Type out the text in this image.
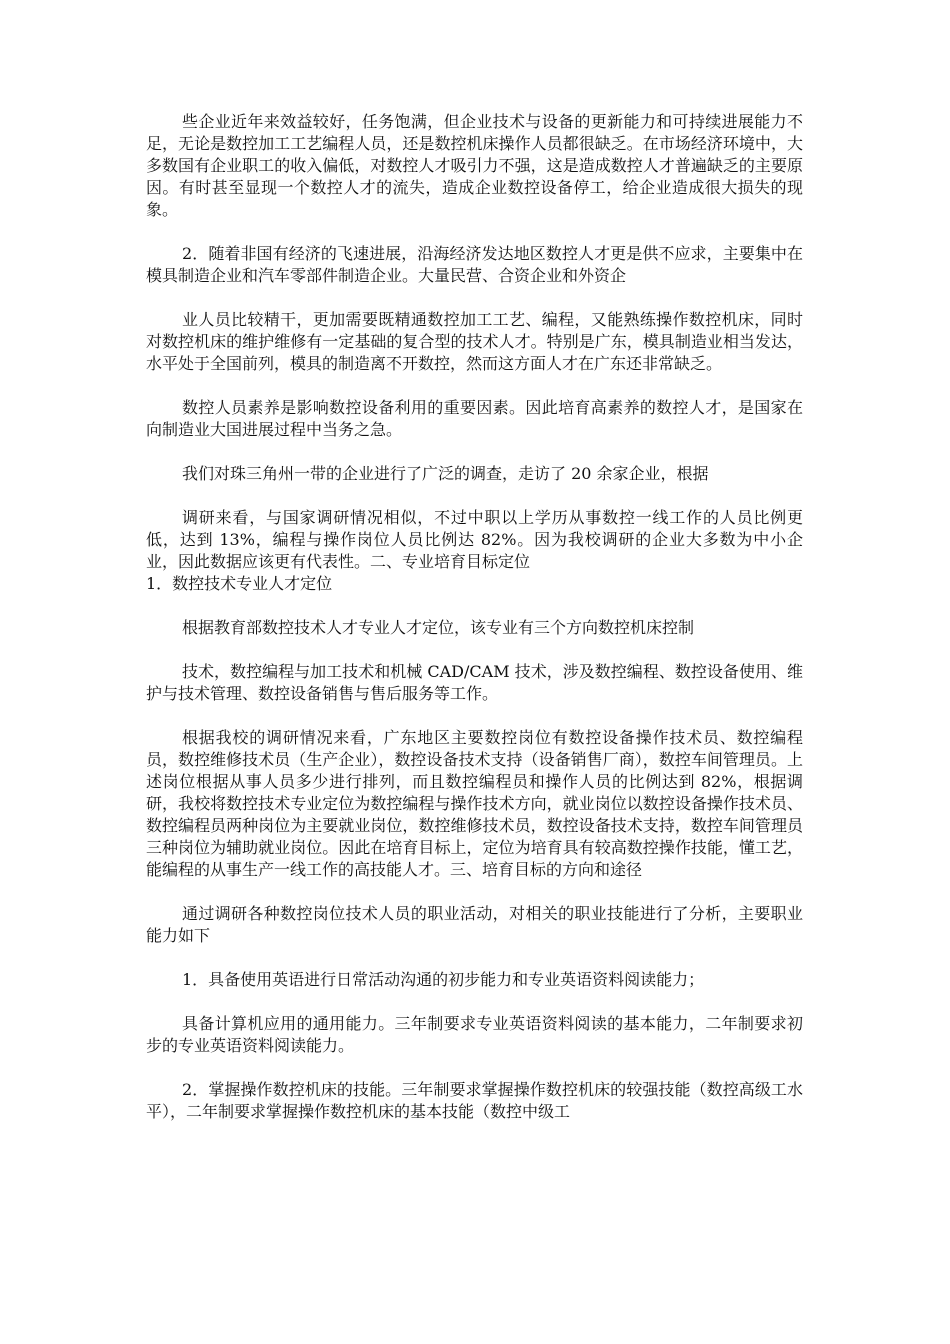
些企业近年来效益较好，任务饱满，但企业技术与设备的更新能力和可持续进展能力不足，无论是数控加工工艺编程人员，还是数控机床操作人员都很缺乏。在市场经济环境中，大多数国有企业职工的收入偏低，对数控人才吸引力不强，这是造成数控人才普遍缺乏的主要原因。有时甚至显现一个数控人才的流失，造成企业数控设备停工，给企业造成很大损失的现象。

2．随着非国有经济的飞速进展，沿海经济发达地区数控人才更是供不应求，主要集中在模具制造企业和汽车零部件制造企业。大量民营、合资企业和外资企

业人员比较精干，更加需要既精通数控加工工艺、编程，又能熟练操作数控机床，同时对数控机床的维护维修有一定基础的复合型的技术人才。特别是广东，模具制造业相当发达，水平处于全国前列，模具的制造离不开数控，然而这方面人才在广东还非常缺乏。

数控人员素养是影响数控设备利用的重要因素。因此培育高素养的数控人才，是国家在向制造业大国进展过程中当务之急。

我们对珠三角州一带的企业进行了广泛的调查，走访了 20 余家企业，根据

调研来看，与国家调研情况相似，不过中职以上学历从事数控一线工作的人员比例更低，达到 13%，编程与操作岗位人员比例达 82%。因为我校调研的企业大多数为中小企业，因此数据应该更有代表性。二、专业培育目标定位

1．数控技术专业人才定位

根据教育部数控技术人才专业人才定位，该专业有三个方向数控机床控制

技术，数控编程与加工技术和机械 CAD/CAM 技术，涉及数控编程、数控设备使用、维护与技术管理、数控设备销售与售后服务等工作。

根据我校的调研情况来看，广东地区主要数控岗位有数控设备操作技术员、数控编程员，数控维修技术员（生产企业），数控设备技术支持（设备销售厂商），数控车间管理员。上述岗位根据从事人员多少进行排列，而且数控编程员和操作人员的比例达到 82%，根据调研，我校将数控技术专业定位为数控编程与操作技术方向，就业岗位以数控设备操作技术员、数控编程员两种岗位为主要就业岗位，数控维修技术员，数控设备技术支持，数控车间管理员三种岗位为辅助就业岗位。因此在培育目标上，定位为培育具有较高数控操作技能，懂工艺，能编程的从事生产一线工作的高技能人才。三、培育目标的方向和途径

通过调研各种数控岗位技术人员的职业活动，对相关的职业技能进行了分析，主要职业能力如下

1．具备使用英语进行日常活动沟通的初步能力和专业英语资料阅读能力；

具备计算机应用的通用能力。三年制要求专业英语资料阅读的基本能力，二年制要求初步的专业英语资料阅读能力。

2．掌握操作数控机床的技能。三年制要求掌握操作数控机床的较强技能（数控高级工水平），二年制要求掌握操作数控机床的基本技能（数控中级工
